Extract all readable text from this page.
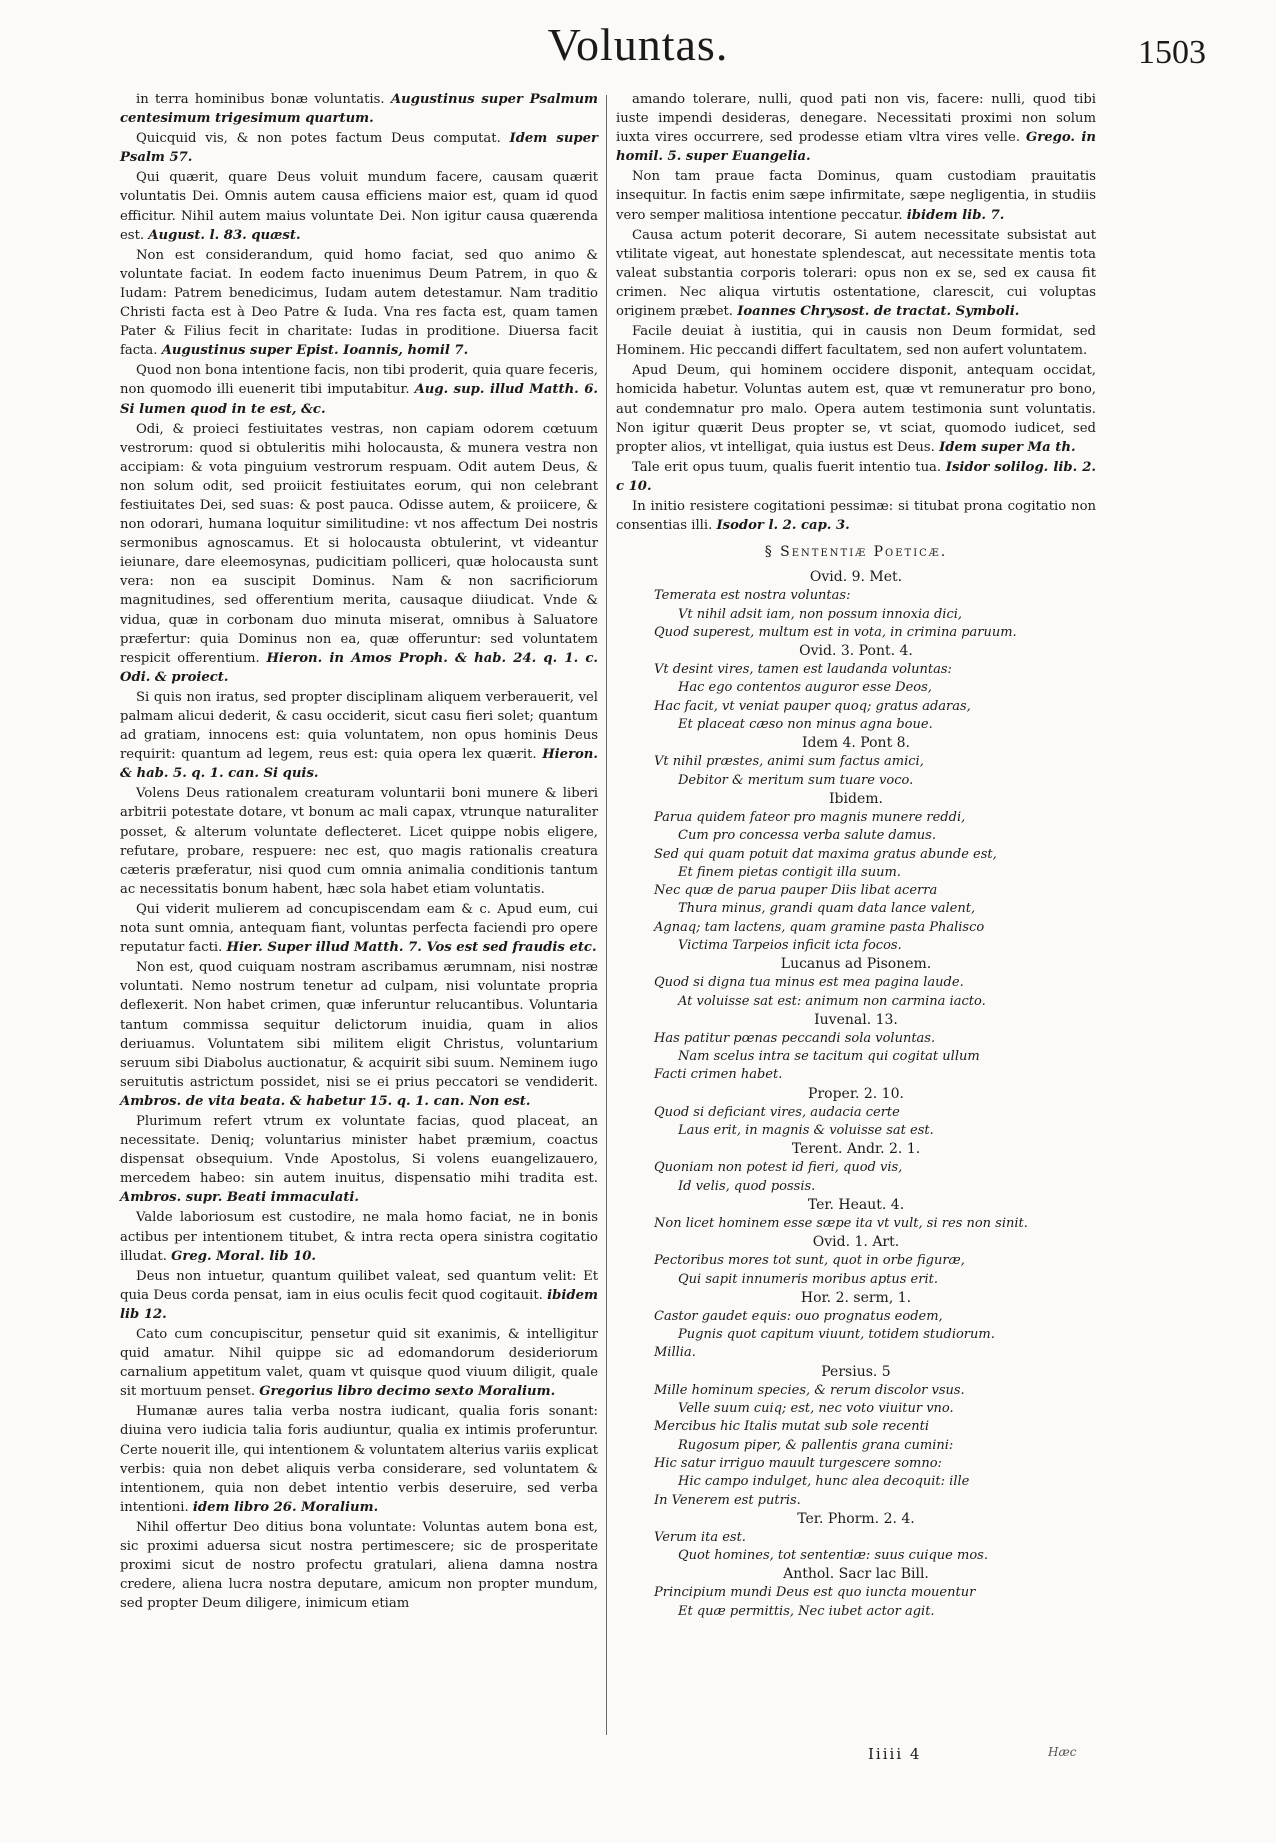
Voluntas.	1503

in terra hominibus bonæ voluntatis. Augustinus super Psalmum centesimum trigesimum quartum.

Quicquid vis, & non potes factum Deus computat. Idem super Psalm 57.

Qui quærit, quare Deus voluit mundum facere, causam quærit voluntatis Dei. Omnis autem causa efficiens maior est, quam id quod efficitur. Nihil autem maius voluntate Dei. Non igitur causa quærenda est. August. l. 83. quæst.

Non est considerandum, quid homo faciat, sed quo animo & voluntate faciat. In eodem facto inuenimus Deum Patrem, in quo & Iudam: Patrem benedicimus, Iudam autem detestamur. Nam traditio Christi facta est à Deo Patre & Iuda. Vna res facta est, quam tamen Pater & Filius fecit in charitate: Iudas in proditione. Diuersa facit facta. Augustinus super Epist. Ioannis, homil 7.

Quod non bona intentione facis, non tibi proderit, quia quare feceris, non quomodo illi euenerit tibi imputabitur. Aug. sup. illud Matth. 6. Si lumen quod in te est, &c.

Odi, & proieci festiuitates vestras, non capiam odorem cœtuum vestrorum: quod si obtuleritis mihi holocausta, & munera vestra non accipiam: & vota pinguium vestrorum respuam. Odit autem Deus, & non solum odit, sed proiicit festiuitates eorum, qui non celebrant festiuitates Dei, sed suas: & post pauca. Odisse autem, & proiicere, & non odorari, humana loquitur similitudine: vt nos affectum Dei nostris sermonibus agnoscamus. Et si holocausta obtulerint, vt videantur ieiunare, dare eleemosynas, pudicitiam polliceri, quæ holocausta sunt vera: non ea suscipit Dominus. Nam & non sacrificiorum magnitudines, sed offerentium merita, causaque diiudicat. Vnde & vidua, quæ in corbonam duo minuta miserat, omnibus à Saluatore præfertur: quia Dominus non ea, quæ offeruntur: sed voluntatem respicit offerentium. Hieron. in Amos Proph. & hab. 24. q. 1. c. Odi. & proiect.

Si quis non iratus, sed propter disciplinam aliquem verberauerit, vel palmam alicui dederit, & casu occiderit, sicut casu fieri solet; quantum ad gratiam, innocens est: quia voluntatem, non opus hominis Deus requirit: quantum ad legem, reus est: quia opera lex quærit. Hieron. & hab. 5. q. 1. can. Si quis.

Volens Deus rationalem creaturam voluntarii boni munere & liberi arbitrii potestate dotare, vt bonum ac mali capax, vtrunque naturaliter posset, & alterum voluntate deflecteret. Licet quippe nobis eligere, refutare, probare, respuere: nec est, quo magis rationalis creatura cæteris præferatur, nisi quod cum omnia animalia conditionis tantum ac necessitatis bonum habent, hæc sola habet etiam voluntatis.

Qui viderit mulierem ad concupiscendam eam & c. Apud eum, cui nota sunt omnia, antequam fiant, voluntas perfecta faciendi pro opere reputatur facti. Hier. Super illud Matth. 7. Vos est sed fraudis etc.

Non est, quod cuiquam nostram ascribamus ærumnam, nisi nostræ voluntati. Nemo nostrum tenetur ad culpam, nisi voluntate propria deflexerit. Non habet crimen, quæ inferuntur relucantibus. Voluntaria tantum commissa sequitur delictorum inuidia, quam in alios deriuamus. Voluntatem sibi militem eligit Christus, voluntarium seruum sibi Diabolus auctionatur, & acquirit sibi suum. Neminem iugo seruitutis astrictum possidet, nisi se ei prius peccatori se vendiderit. Ambros. de vita beata. & habetur 15. q. 1. can. Non est.

Plurimum refert vtrum ex voluntate facias, quod placeat, an necessitate. Deniq; voluntarius minister habet præmium, coactus dispensat obsequium. Vnde Apostolus, Si volens euangelizauero, mercedem habeo: sin autem inuitus, dispensatio mihi tradita est. Ambros. supr. Beati immaculati.

Valde laboriosum est custodire, ne mala homo faciat, ne in bonis actibus per intentionem titubet, & intra recta opera sinistra cogitatio illudat. Greg. Moral. lib 10.

Deus non intuetur, quantum quilibet valeat, sed quantum velit: Et quia Deus corda pensat, iam in eius oculis fecit quod cogitauit. ibidem lib 12.

Cato cum concupiscitur, pensetur quid sit exanimis, & intelligitur quid amatur. Nihil quippe sic ad edomandorum desideriorum carnalium appetitum valet, quam vt quisque quod viuum diligit, quale sit mortuum penset. Gregorius libro decimo sexto Moralium.

Humanæ aures talia verba nostra iudicant, qualia foris sonant: diuina vero iudicia talia foris audiuntur, qualia ex intimis proferuntur. Certe nouerit ille, qui intentionem & voluntatem alterius variis explicat verbis: quia non debet aliquis verba considerare, sed voluntatem & intentionem, quia non debet intentio verbis deseruire, sed verba intentioni. idem libro 26. Moralium.

Nihil offertur Deo ditius bona voluntate: Voluntas autem bona est, sic proximi aduersa sicut nostra pertimescere; sic de prosperitate proximi sicut de nostro profectu gratulari, aliena damna nostra credere, aliena lucra nostra deputare, amicum non propter mundum, sed propter Deum diligere, inimicum etiam

amando tolerare, nulli, quod pati non vis, facere: nulli, quod tibi iuste impendi desideras, denegare. Necessitati proximi non solum iuxta vires occurrere, sed prodesse etiam vltra vires velle. Grego. in homil. 5. super Euangelia.

Non tam praue facta Dominus, quam custodiam prauitatis insequitur. In factis enim sæpe infirmitate, sæpe negligentia, in studiis vero semper malitiosa intentione peccatur. ibidem lib. 7.

Causa actum poterit decorare, Si autem necessitate subsistat aut vtilitate vigeat, aut honestate splendescat, aut necessitate mentis tota valeat substantia corporis tolerari: opus non ex se, sed ex causa fit crimen. Nec aliqua virtutis ostentatione, clarescit, cui voluptas originem præbet. Ioannes Chrysost. de tractat. Symboli.

Facile deuiat à iustitia, qui in causis non Deum formidat, sed Hominem. Hic peccandi differt facultatem, sed non aufert voluntatem.

Apud Deum, qui hominem occidere disponit, antequam occidat, homicida habetur. Voluntas autem est, quæ vt remuneratur pro bono, aut condemnatur pro malo. Opera autem testimonia sunt voluntatis. Non igitur quærit Deus propter se, vt sciat, quomodo iudicet, sed propter alios, vt intelligat, quia iustus est Deus. Idem super Ma th.

Tale erit opus tuum, qualis fuerit intentio tua. Isidor solilog. lib. 2. c 10.

In initio resistere cogitationi pessimæ: si titubat prona cogitatio non consentias illi. Isodor l. 2. cap. 3.

§ Sententiæ Poeticæ.

Ovid. 9. Met.

Temerata est nostra voluntas:

Vt nihil adsit iam, non possum innoxia dici,

Quod superest, multum est in vota, in crimina paruum.

Ovid. 3. Pont. 4.

Vt desint vires, tamen est laudanda voluntas:

Hac ego contentos auguror esse Deos,

Hac facit, vt veniat pauper quoq; gratus adaras,

Et placeat cæso non minus agna boue.

Idem 4. Pont 8.

Vt nihil præstes, animi sum factus amici,

Debitor & meritum sum tuare voco.

Ibidem.

Parua quidem fateor pro magnis munere reddi,

Cum pro concessa verba salute damus.

Sed qui quam potuit dat maxima gratus abunde est,

Et finem pietas contigit illa suum.

Nec quæ de parua pauper Diis libat acerra

Thura minus, grandi quam data lance valent,

Agnaq; tam lactens, quam gramine pasta Phalisco

Victima Tarpeios inficit icta focos.

Lucanus ad Pisonem.

Quod si digna tua minus est mea pagina laude.

At voluisse sat est: animum non carmina iacto.

Iuvenal. 13.

Has patitur pœnas peccandi sola voluntas.

Nam scelus intra se tacitum qui cogitat ullum

Facti crimen habet.

Proper. 2. 10.

Quod si deficiant vires, audacia certe

Laus erit, in magnis & voluisse sat est.

Terent. Andr. 2. 1.

Quoniam non potest id fieri, quod vis,

Id velis, quod possis.

Ter. Heaut. 4.

Non licet hominem esse sæpe ita vt vult, si res non sinit.

Ovid. 1. Art.

Pectoribus mores tot sunt, quot in orbe figuræ,

Qui sapit innumeris moribus aptus erit.

Hor. 2. serm, 1.

Castor gaudet equis: ouo prognatus eodem,

Pugnis quot capitum viuunt, totidem studiorum.

Millia.

Persius. 5

Mille hominum species, & rerum discolor vsus.

Velle suum cuiq; est, nec voto viuitur vno.

Mercibus hic Italis mutat sub sole recenti

Rugosum piper, & pallentis grana cumini:

Hic satur irriguo mauult turgescere somno:

Hic campo indulget, hunc alea decoquit: ille

In Venerem est putris.

Ter. Phorm. 2. 4.

Verum ita est.

Quot homines, tot sententiæ: suus cuique mos.

Anthol. Sacr lac Bill.

Principium mundi Deus est quo iuncta mouentur

Et quæ permittis, Nec iubet actor agit.

Iiiii 4	Hæc
